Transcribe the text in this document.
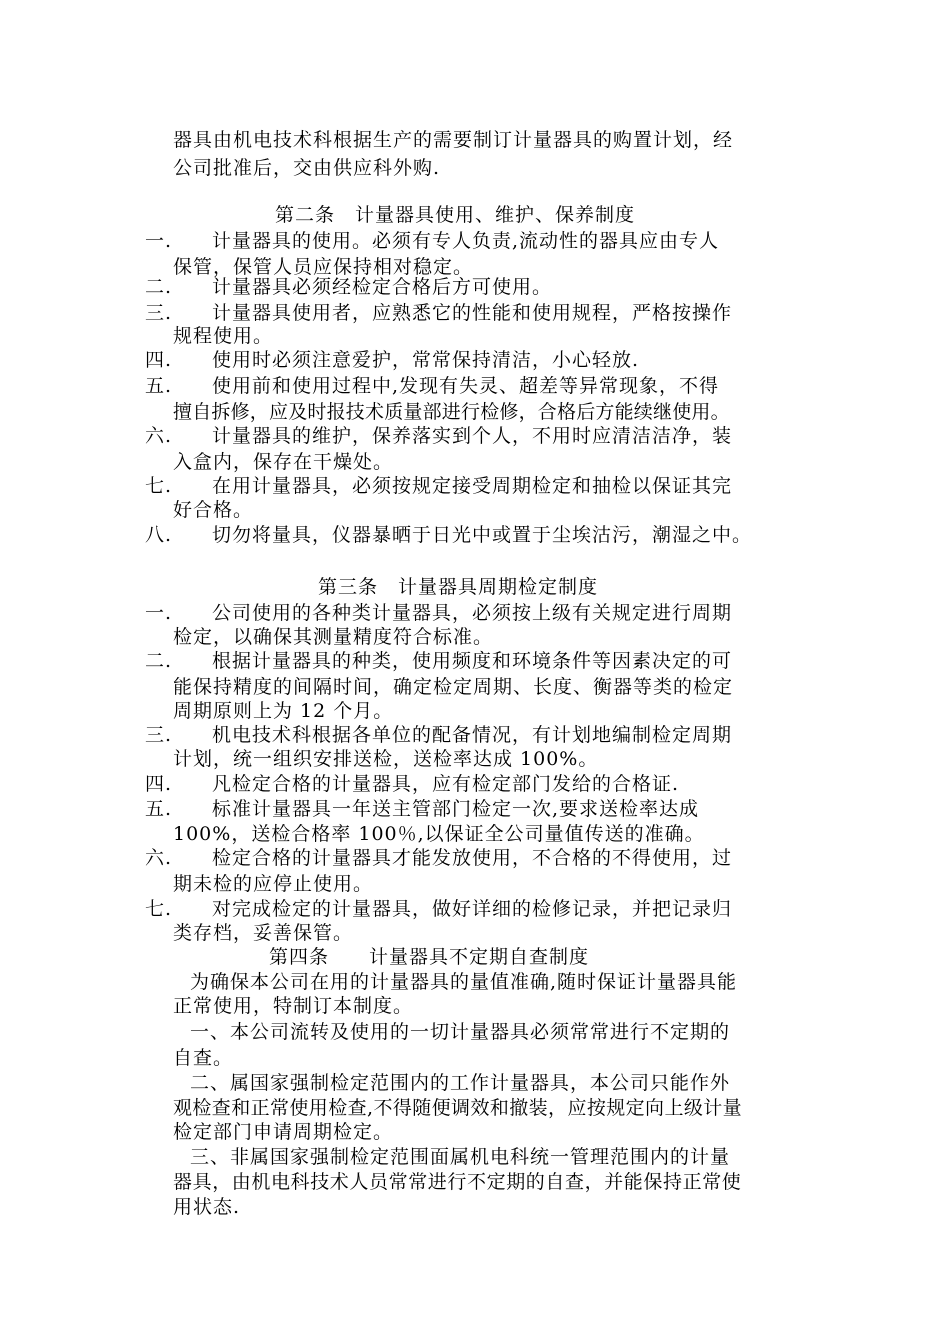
器具由机电技术科根据生产的需要制订计量器具的购置计划，经
公司批准后，交由供应科外购.
第二条　计量器具使用、维护、保养制度
一. 计量器具的使用。必须有专人负责,流动性的器具应由专人
保管，保管人员应保持相对稳定。
二. 计量器具必须经检定合格后方可使用。
三. 计量器具使用者，应熟悉它的性能和使用规程，严格按操作
规程使用。
四. 使用时必须注意爱护，常常保持清洁，小心轻放.
五. 使用前和使用过程中,发现有失灵、超差等异常现象，不得
擅自拆修，应及时报技术质量部进行检修，合格后方能续继使用。
六. 计量器具的维护，保养落实到个人，不用时应清洁洁净，装
入盒内，保存在干燥处。
七. 在用计量器具，必须按规定接受周期检定和抽检以保证其完
好合格。
八. 切勿将量具，仪器暴晒于日光中或置于尘埃沽污，潮湿之中。
第三条　计量器具周期检定制度
一. 公司使用的各种类计量器具，必须按上级有关规定进行周期
检定，以确保其测量精度符合标准。
二. 根据计量器具的种类，使用频度和环境条件等因素决定的可
能保持精度的间隔时间，确定检定周期、长度、衡器等类的检定
周期原则上为 12 个月。
三. 机电技术科根据各单位的配备情况，有计划地编制检定周期
计划，统一组织安排送检，送检率达成 100%。
四. 凡检定合格的计量器具，应有检定部门发给的合格证.
五. 标准计量器具一年送主管部门检定一次,要求送检率达成
100%，送检合格率 100％,以保证全公司量值传送的准确。
六. 检定合格的计量器具才能发放使用，不合格的不得使用，过
期未检的应停止使用。
七. 对完成检定的计量器具，做好详细的检修记录，并把记录归
类存档，妥善保管。
第四条　　计量器具不定期自查制度
为确保本公司在用的计量器具的量值准确,随时保证计量器具能
正常使用，特制订本制度。
一、本公司流转及使用的一切计量器具必须常常进行不定期的
自查。
二、属国家强制检定范围内的工作计量器具，本公司只能作外
观检查和正常使用检查,不得随便调效和撤装，应按规定向上级计量
检定部门申请周期检定。
三、非属国家强制检定范围面属机电科统一管理范围内的计量
器具，由机电科技术人员常常进行不定期的自查，并能保持正常使
用状态.
